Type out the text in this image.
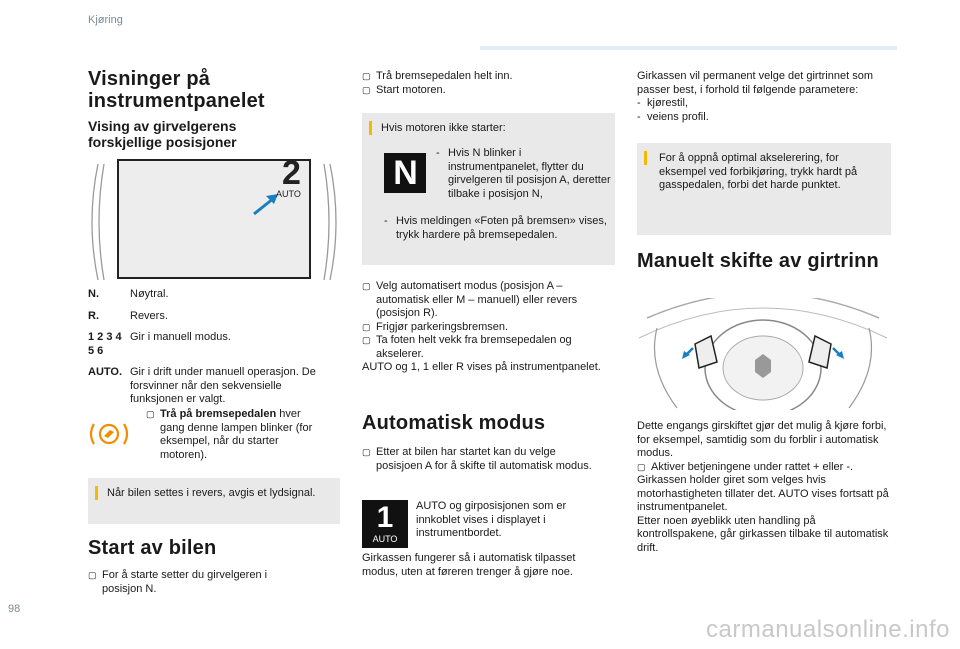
Kjøring
Visninger på
instrumentpanelet
Vising av girvelgerens
forskjellige posisjoner
2
AUTO
N.	Nøytral.
R.	Revers.
1 2 3 4 5 6
Gir i manuell modus.
AUTO. Gir i drift under manuell operasjon. De forsvinner når den sekvensielle funksjonen er valgt.
▢ Trå på bremsepedalen hver gang denne lampen blinker (for eksempel, når du starter motoren).
Når bilen settes i revers, avgis et lydsignal.
Start av bilen
▢ For å starte setter du girvelgeren i posisjon N.
▢ Trå bremsepedalen helt inn.
▢ Start motoren.
Hvis motoren ikke starter:
N
- Hvis N blinker i instrumentpanelet, flytter du girvelgeren til posisjon A, deretter tilbake i posisjon N,
- Hvis meldingen «Foten på bremsen» vises, trykk hardere på bremsepedalen.
▢ Velg automatisert modus (posisjon A – automatisk eller M – manuell) eller revers (posisjon R).
▢ Frigjør parkeringsbremsen.
▢ Ta foten helt vekk fra bremsepedalen og akselerer.
AUTO og 1, 1 eller R vises på instrumentpanelet.
Automatisk modus
▢ Etter at bilen har startet kan du velge posisjoen A for å skifte til automatisk modus.
1
AUTO
AUTO og girposisjonen som er innkoblet vises i displayet i instrumentbordet.
Girkassen fungerer så i automatisk tilpasset modus, uten at føreren trenger å gjøre noe.
Girkassen vil permanent velge det girtrinnet som passer best, i forhold til følgende parametere:
- kjørestil,
- veiens profil.
For å oppnå optimal akselerering, for eksempel ved forbikjøring, trykk hardt på gasspedalen, forbi det harde punktet.
Manuelt skifte av girtrinn
Dette engangs girskiftet gjør det mulig å kjøre forbi, for eksempel, samtidig som du forblir i automatisk modus.
▢ Aktiver betjeningene under rattet + eller -.
Girkassen holder giret som velges hvis motorhastigheten tillater det. AUTO vises fortsatt på instrumentpanelet.
Etter noen øyeblikk uten handling på kontrollspakene, går girkassen tilbake til automatisk drift.
98
carmanualsonline.info
